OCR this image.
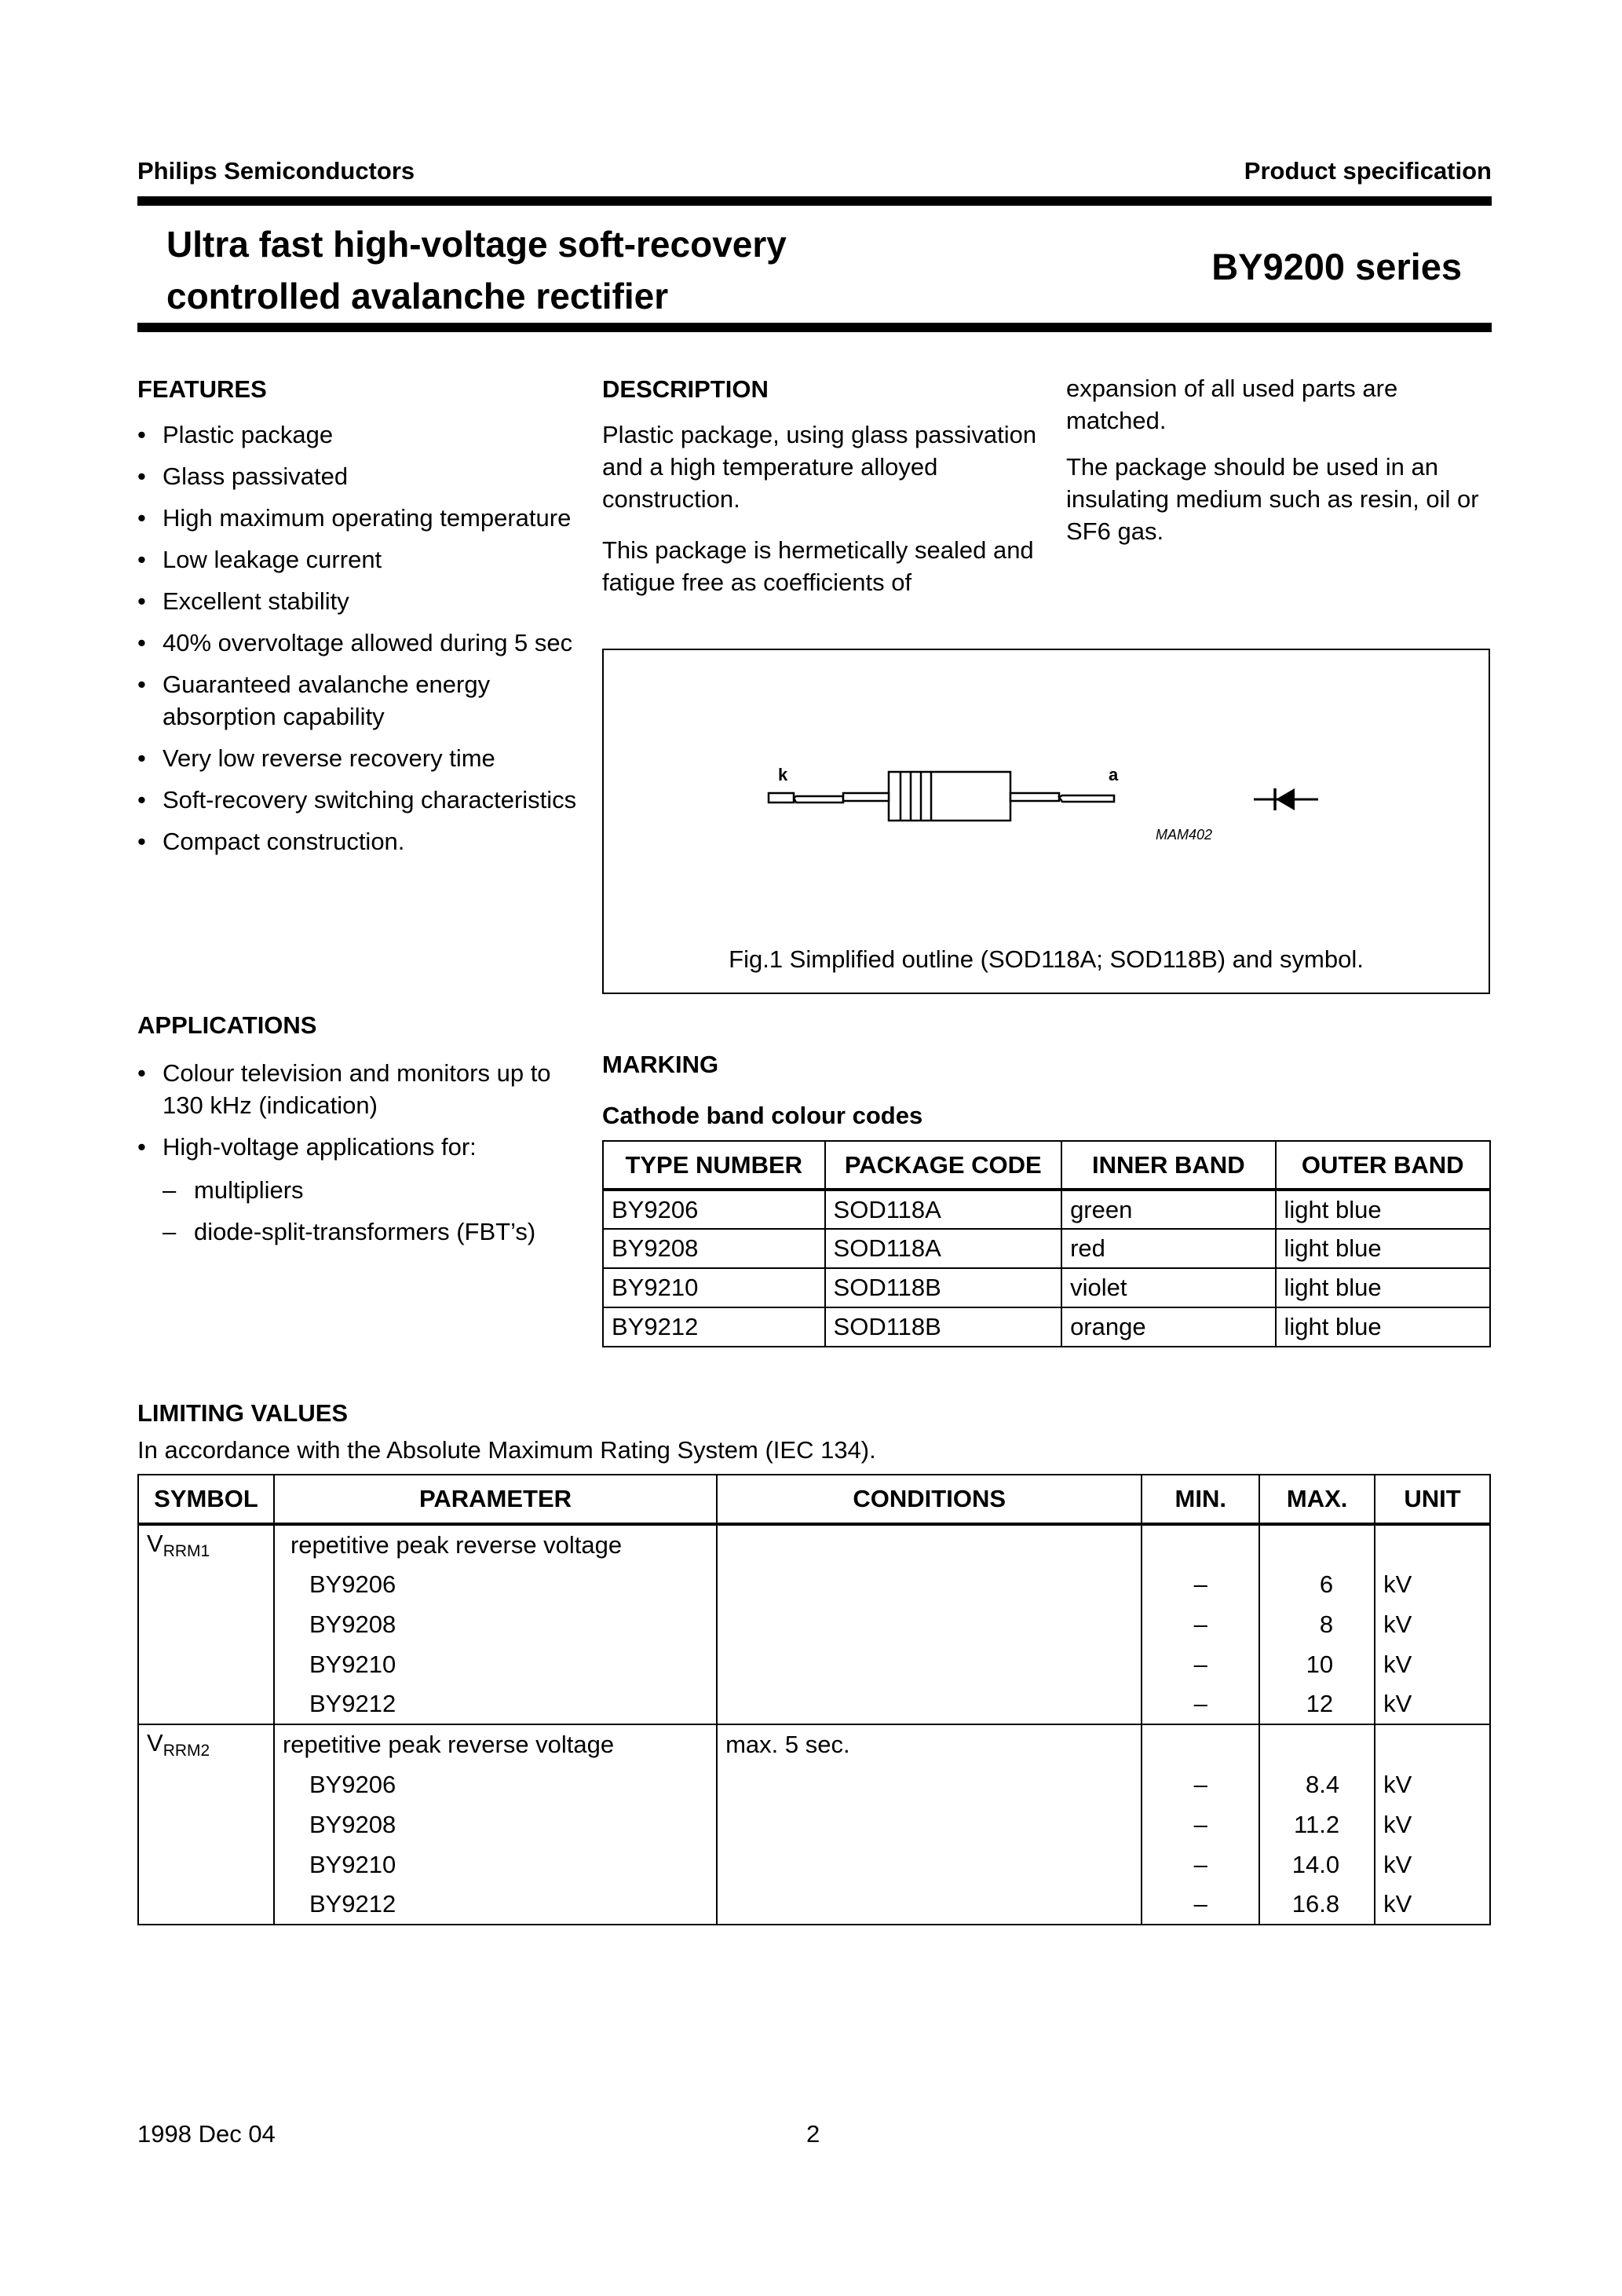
Philips Semiconductors	Product specification
Ultra fast high-voltage soft-recovery
controlled avalanche rectifier
BY9200 series
FEATURES
• Plastic package
• Glass passivated
• High maximum operating temperature
• Low leakage current
• Excellent stability
• 40% overvoltage allowed during 5 sec
• Guaranteed avalanche energy absorption capability
• Very low reverse recovery time
• Soft-recovery switching characteristics
• Compact construction.
APPLICATIONS
• Colour television and monitors up to 130 kHz (indication)
• High-voltage applications for:
– multipliers
– diode-split-transformers (FBT’s)
DESCRIPTION
Plastic package, using glass passivation and a high temperature alloyed construction.
This package is hermetically sealed and fatigue free as coefficients of
expansion of all used parts are matched.
The package should be used in an insulating medium such as resin, oil or SF6 gas.
k	a
MAM402
Fig.1 Simplified outline (SOD118A; SOD118B) and symbol.
MARKING
Cathode band colour codes
TYPE NUMBER	PACKAGE CODE	INNER BAND	OUTER BAND
BY9206	SOD118A	green	light blue
BY9208	SOD118A	red	light blue
BY9210	SOD118B	violet	light blue
BY9212	SOD118B	orange	light blue
LIMITING VALUES
In accordance with the Absolute Maximum Rating System (IEC 134).
SYMBOL	PARAMETER	CONDITIONS	MIN.	MAX.	UNIT
$V_{RRM1}$	repetitive peak reverse voltage				
	BY9206		–	6	kV
	BY9208		–	8	kV
	BY9210		–	10	kV
	BY9212		–	12	kV
$V_{RRM2}$	repetitive peak reverse voltage	max. 5 sec.			
	BY9206		–	8.4	kV
	BY9208		–	11.2	kV
	BY9210		–	14.0	kV
	BY9212		–	16.8	kV
1998 Dec 04	2
